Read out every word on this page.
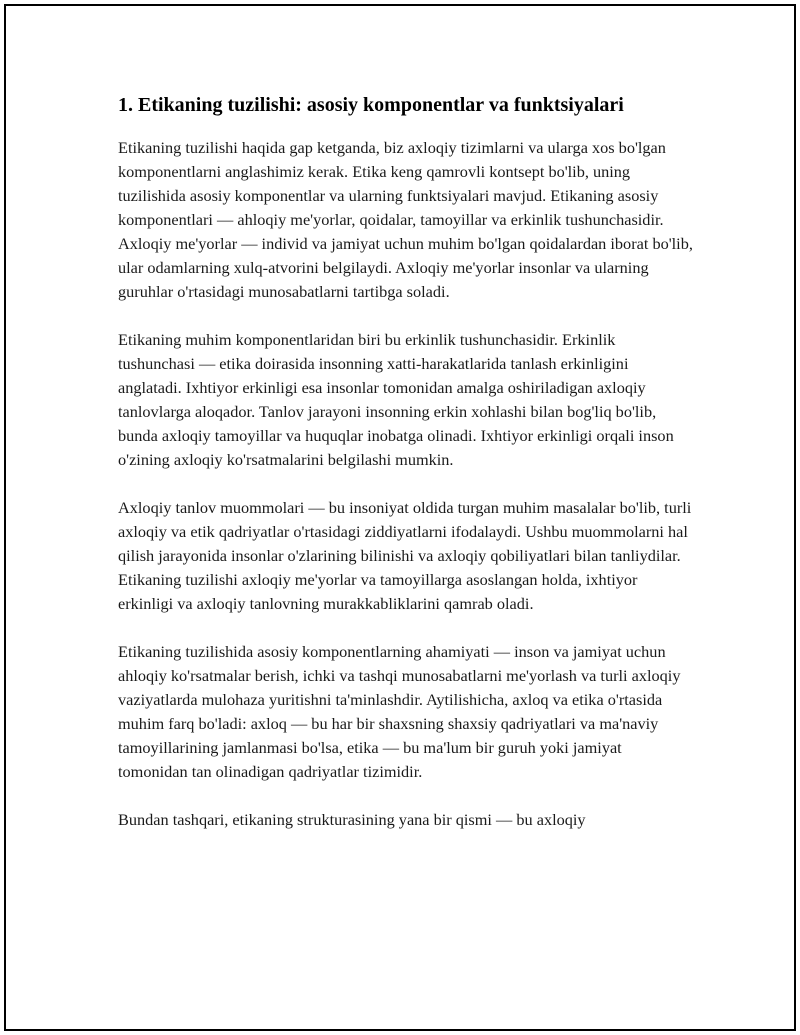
1. Etikaning tuzilishi: asosiy komponentlar va funktsiyalari

Etikaning tuzilishi haqida gap ketganda, biz axloqiy tizimlarni va ularga xos bo'lgan komponentlarni anglashimiz kerak. Etika keng qamrovli kontsept bo'lib, uning tuzilishida asosiy komponentlar va ularning funktsiyalari mavjud. Etikaning asosiy komponentlari — ahloqiy me'yorlar, qoidalar, tamoyillar va erkinlik tushunchasidir. Axloqiy me'yorlar — individ va jamiyat uchun muhim bo'lgan qoidalardan iborat bo'lib, ular odamlarning xulq-atvorini belgilaydi. Axloqiy me'yorlar insonlar va ularning guruhlar o'rtasidagi munosabatlarni tartibga soladi.

Etikaning muhim komponentlaridan biri bu erkinlik tushunchasidir. Erkinlik tushunchasi — etika doirasida insonning xatti-harakatlarida tanlash erkinligini anglatadi. Ixhtiyor erkinligi esa insonlar tomonidan amalga oshiriladigan axloqiy tanlovlarga aloqador. Tanlov jarayoni insonning erkin xohlashi bilan bog'liq bo'lib, bunda axloqiy tamoyillar va huquqlar inobatga olinadi. Ixhtiyor erkinligi orqali inson o'zining axloqiy ko'rsatmalarini belgilashi mumkin.

Axloqiy tanlov muommolari — bu insoniyat oldida turgan muhim masalalar bo'lib, turli axloqiy va etik qadriyatlar o'rtasidagi ziddiyatlarni ifodalaydi. Ushbu muommolarni hal qilish jarayonida insonlar o'zlarining bilinishi va axloqiy qobiliyatlari bilan tanliydilar. Etikaning tuzilishi axloqiy me'yorlar va tamoyillarga asoslangan holda, ixhtiyor erkinligi va axloqiy tanlovning murakkabliklarini qamrab oladi.

Etikaning tuzilishida asosiy komponentlarning ahamiyati — inson va jamiyat uchun ahloqiy ko'rsatmalar berish, ichki va tashqi munosabatlarni me'yorlash va turli axloqiy vaziyatlarda mulohaza yuritishni ta'minlashdir. Aytilishicha, axloq va etika o'rtasida muhim farq bo'ladi: axloq — bu har bir shaxsning shaxsiy qadriyatlari va ma'naviy tamoyillarining jamlanmasi bo'lsa, etika — bu ma'lum bir guruh yoki jamiyat tomonidan tan olinadigan qadriyatlar tizimidir.

Bundan tashqari, etikaning strukturasining yana bir qismi — bu axloqiy
